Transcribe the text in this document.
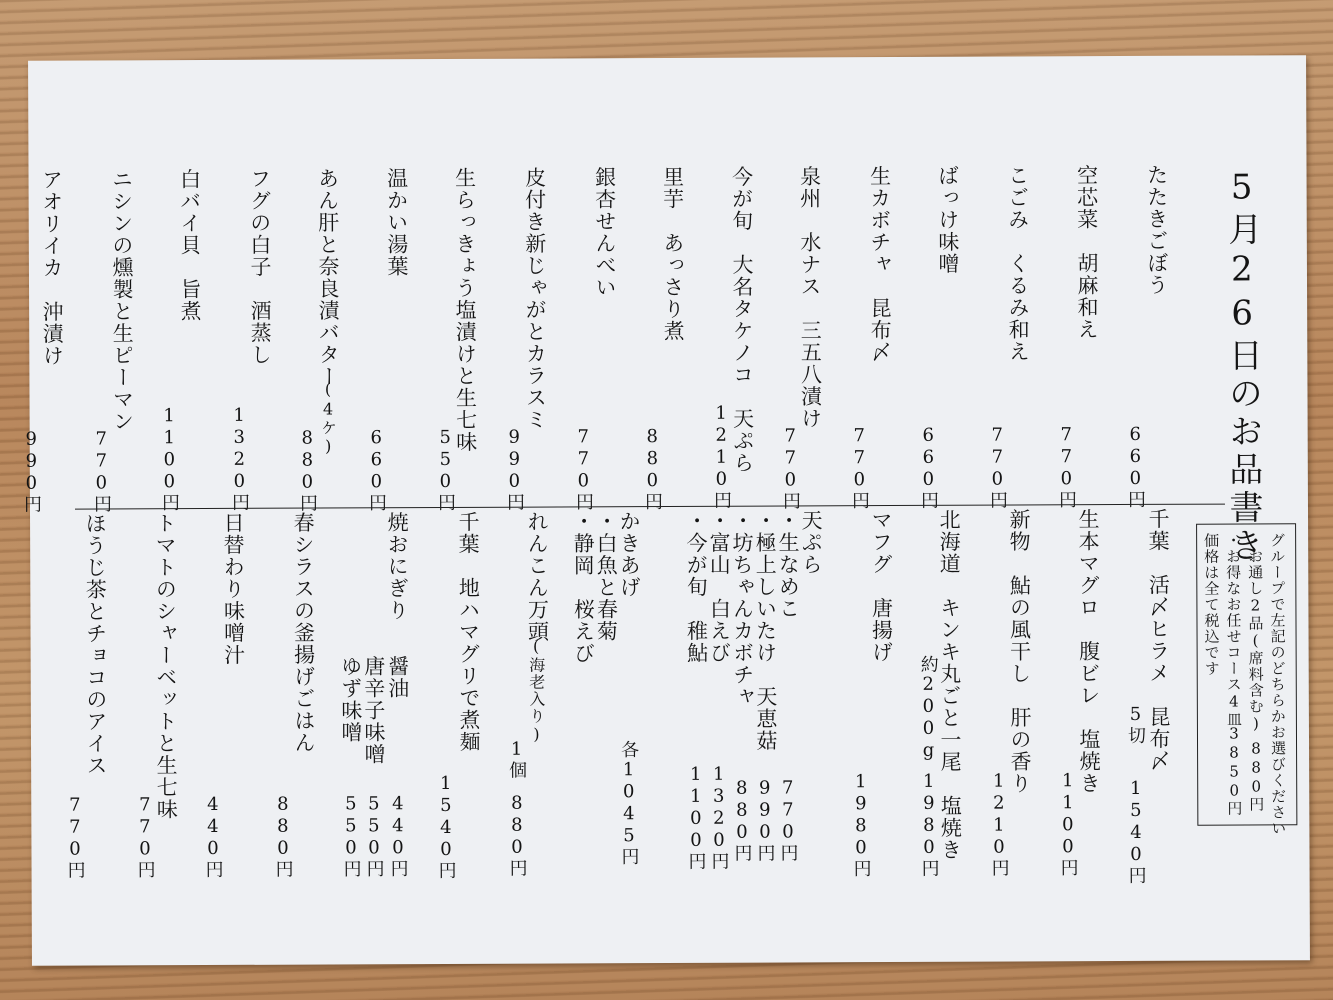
5月26日のお品書き
たたきごぼう
空芯菜　胡麻和え
こごみ　くるみ和え
ばっけ味噌
生カボチャ　昆布〆
泉州　水ナス　三五八漬け
今が旬　大名タケノコ　天ぷら
里芋　あっさり煮
銀杏せんべい
皮付き新じゃがとカラスミ
生らっきょう塩漬けと生七味
温かい湯葉
あん肝と奈良漬バター
(4ケ)
フグの白子　酒蒸し
白バイ貝　旨煮
ニシンの燻製と生ピーマン
アオリイカ　沖漬け
660円
770円
770円
660円
770円
770円
1210円
880円
770円
990円
550円
660円
880円
1320円
1100円
770円
990円
グループで左記のどちらかお選びください
・お通し2品(席料含む)
880円
・お得なお任せコース4皿
3850円
価格は全て税込です
千葉　活〆ヒラメ　昆布〆
5切
1540円
生本マグロ　腹ビレ　塩焼き
1100円
新物　鮎の風干し　肝の香り
1210円
北海道　キンキ丸ごと一尾　塩焼き
約200g
1980円
マフグ　唐揚げ
1980円
天ぷら
・生なめこ
770円
・極上しいたけ　天恵菇
990円
・坊ちゃんカボチャ
880円
・富山　白えび
1320円
・今が旬　稚鮎
1100円
かきあげ
・白魚と春菊
・静岡　桜えび
各1045円
れんこん万頭
(海老入り)
1個
880円
千葉　地ハマグリで煮麺
1540円
焼おにぎり
醤油
440円
唐辛子味噌
550円
ゆず味噌
550円
春シラスの釜揚げごはん
880円
日替わり味噌汁
440円
トマトのシャーベットと生七味
770円
ほうじ茶とチョコのアイス
770円
